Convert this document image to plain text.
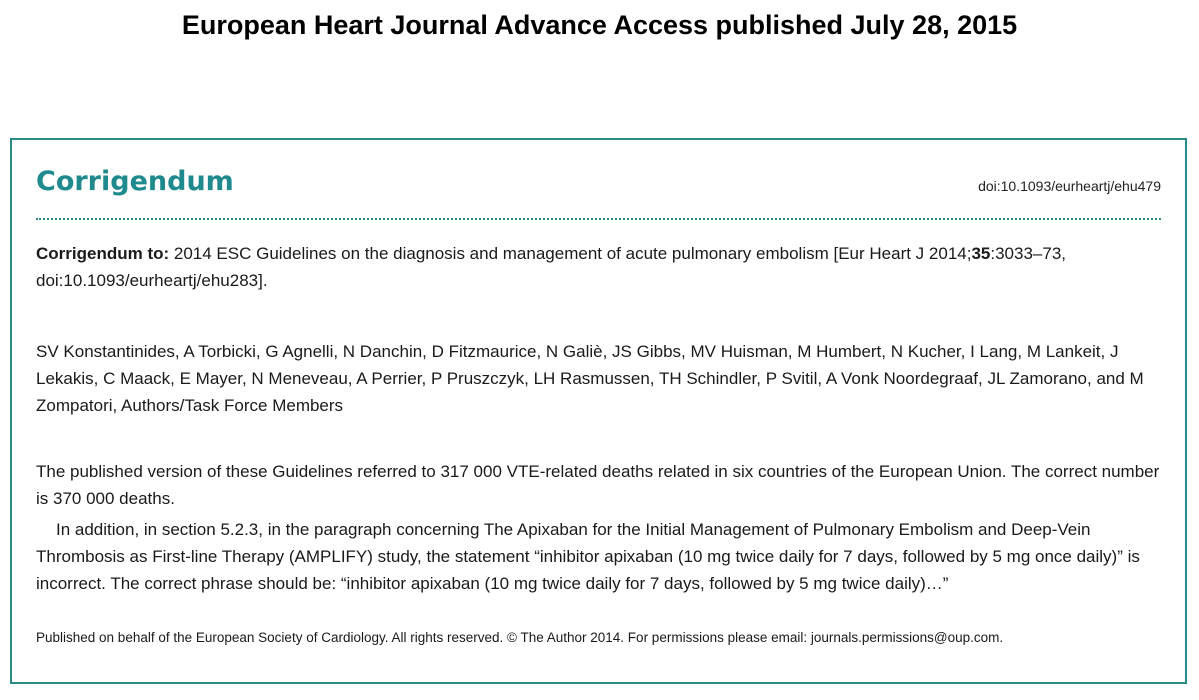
European Heart Journal Advance Access published July 28, 2015
Corrigendum	doi:10.1093/eurheartj/ehu479
Corrigendum to: 2014 ESC Guidelines on the diagnosis and management of acute pulmonary embolism [Eur Heart J 2014;35:3033–73, doi:10.1093/eurheartj/ehu283].
SV Konstantinides, A Torbicki, G Agnelli, N Danchin, D Fitzmaurice, N Galiè, JS Gibbs, MV Huisman, M Humbert, N Kucher, I Lang, M Lankeit, J Lekakis, C Maack, E Mayer, N Meneveau, A Perrier, P Pruszczyk, LH Rasmussen, TH Schindler, P Svitil, A Vonk Noordegraaf, JL Zamorano, and M Zompatori, Authors/Task Force Members
The published version of these Guidelines referred to 317 000 VTE-related deaths related in six countries of the European Union. The correct number is 370 000 deaths.
In addition, in section 5.2.3, in the paragraph concerning The Apixaban for the Initial Management of Pulmonary Embolism and Deep-Vein Thrombosis as First-line Therapy (AMPLIFY) study, the statement “inhibitor apixaban (10 mg twice daily for 7 days, followed by 5 mg once daily)” is incorrect. The correct phrase should be: “inhibitor apixaban (10 mg twice daily for 7 days, followed by 5 mg twice daily)…”
Published on behalf of the European Society of Cardiology. All rights reserved. © The Author 2014. For permissions please email: journals.permissions@oup.com.
